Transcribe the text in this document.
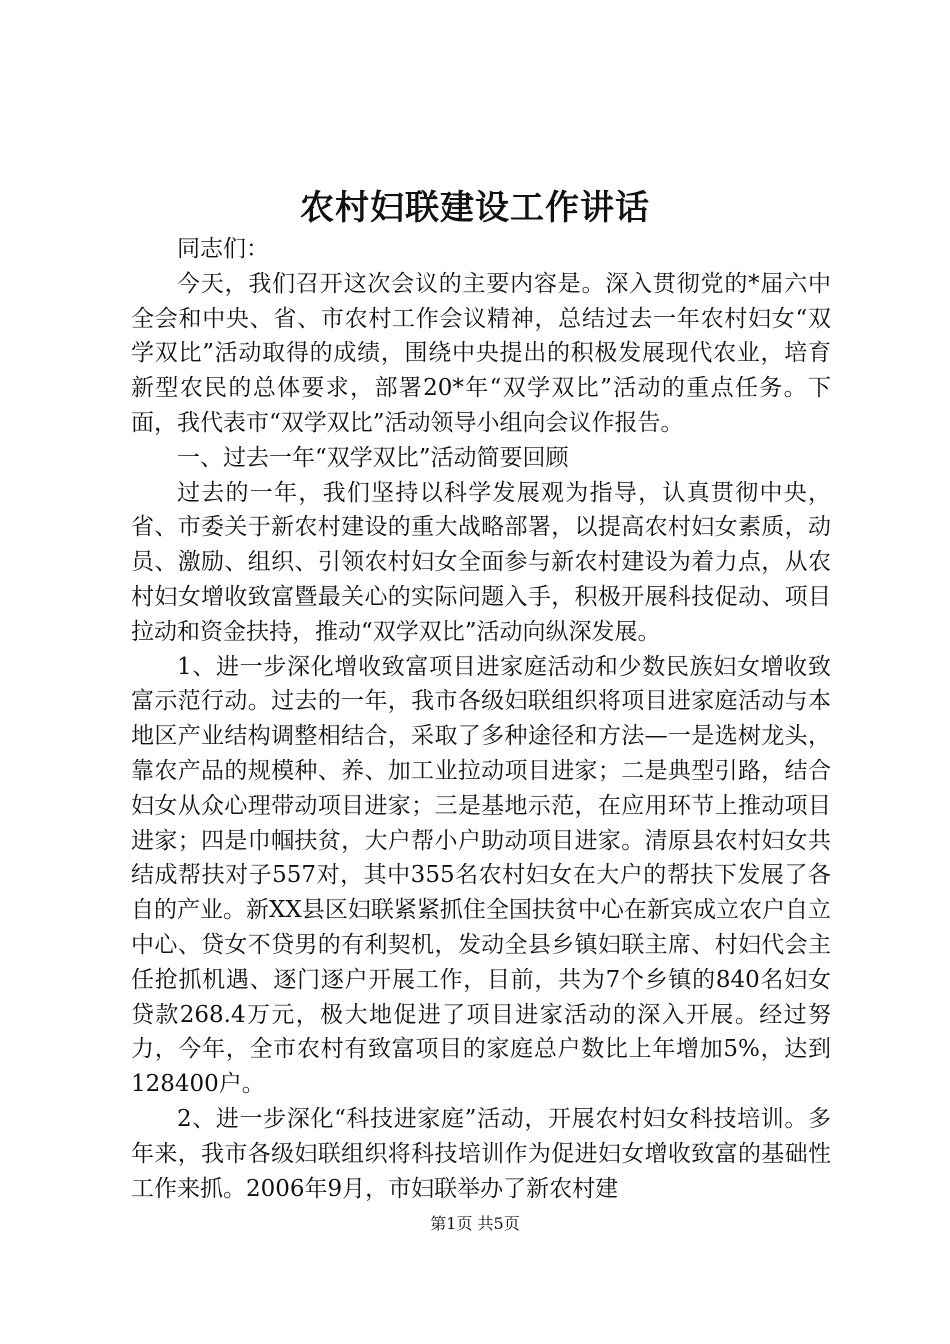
农村妇联建设工作讲话

同志们：

今天，我们召开这次会议的主要内容是。深入贯彻党的*届六中全会和中央、省、市农村工作会议精神，总结过去一年农村妇女“双学双比”活动取得的成绩，围绕中央提出的积极发展现代农业，培育新型农民的总体要求，部署20*年“双学双比”活动的重点任务。下面，我代表市“双学双比”活动领导小组向会议作报告。

一、过去一年“双学双比”活动简要回顾

过去的一年，我们坚持以科学发展观为指导，认真贯彻中央，省、市委关于新农村建设的重大战略部署，以提高农村妇女素质，动员、激励、组织、引领农村妇女全面参与新农村建设为着力点，从农村妇女增收致富暨最关心的实际问题入手，积极开展科技促动、项目拉动和资金扶持，推动“双学双比”活动向纵深发展。

1、进一步深化增收致富项目进家庭活动和少数民族妇女增收致富示范行动。过去的一年，我市各级妇联组织将项目进家庭活动与本地区产业结构调整相结合，采取了多种途径和方法—一是选树龙头，靠农产品的规模种、养、加工业拉动项目进家；二是典型引路，结合妇女从众心理带动项目进家；三是基地示范，在应用环节上推动项目进家；四是巾帼扶贫，大户帮小户助动项目进家。清原县农村妇女共结成帮扶对子557对，其中355名农村妇女在大户的帮扶下发展了各自的产业。新XX县区妇联紧紧抓住全国扶贫中心在新宾成立农户自立中心、贷女不贷男的有利契机，发动全县乡镇妇联主席、村妇代会主任抢抓机遇、逐门逐户开展工作，目前，共为7个乡镇的840名妇女贷款268.4万元，极大地促进了项目进家活动的深入开展。经过努力，今年，全市农村有致富项目的家庭总户数比上年增加5%，达到128400户。

2、进一步深化“科技进家庭”活动，开展农村妇女科技培训。多年来，我市各级妇联组织将科技培训作为促进妇女增收致富的基础性工作来抓。2006年9月，市妇联举办了新农村建

第1页 共5页
